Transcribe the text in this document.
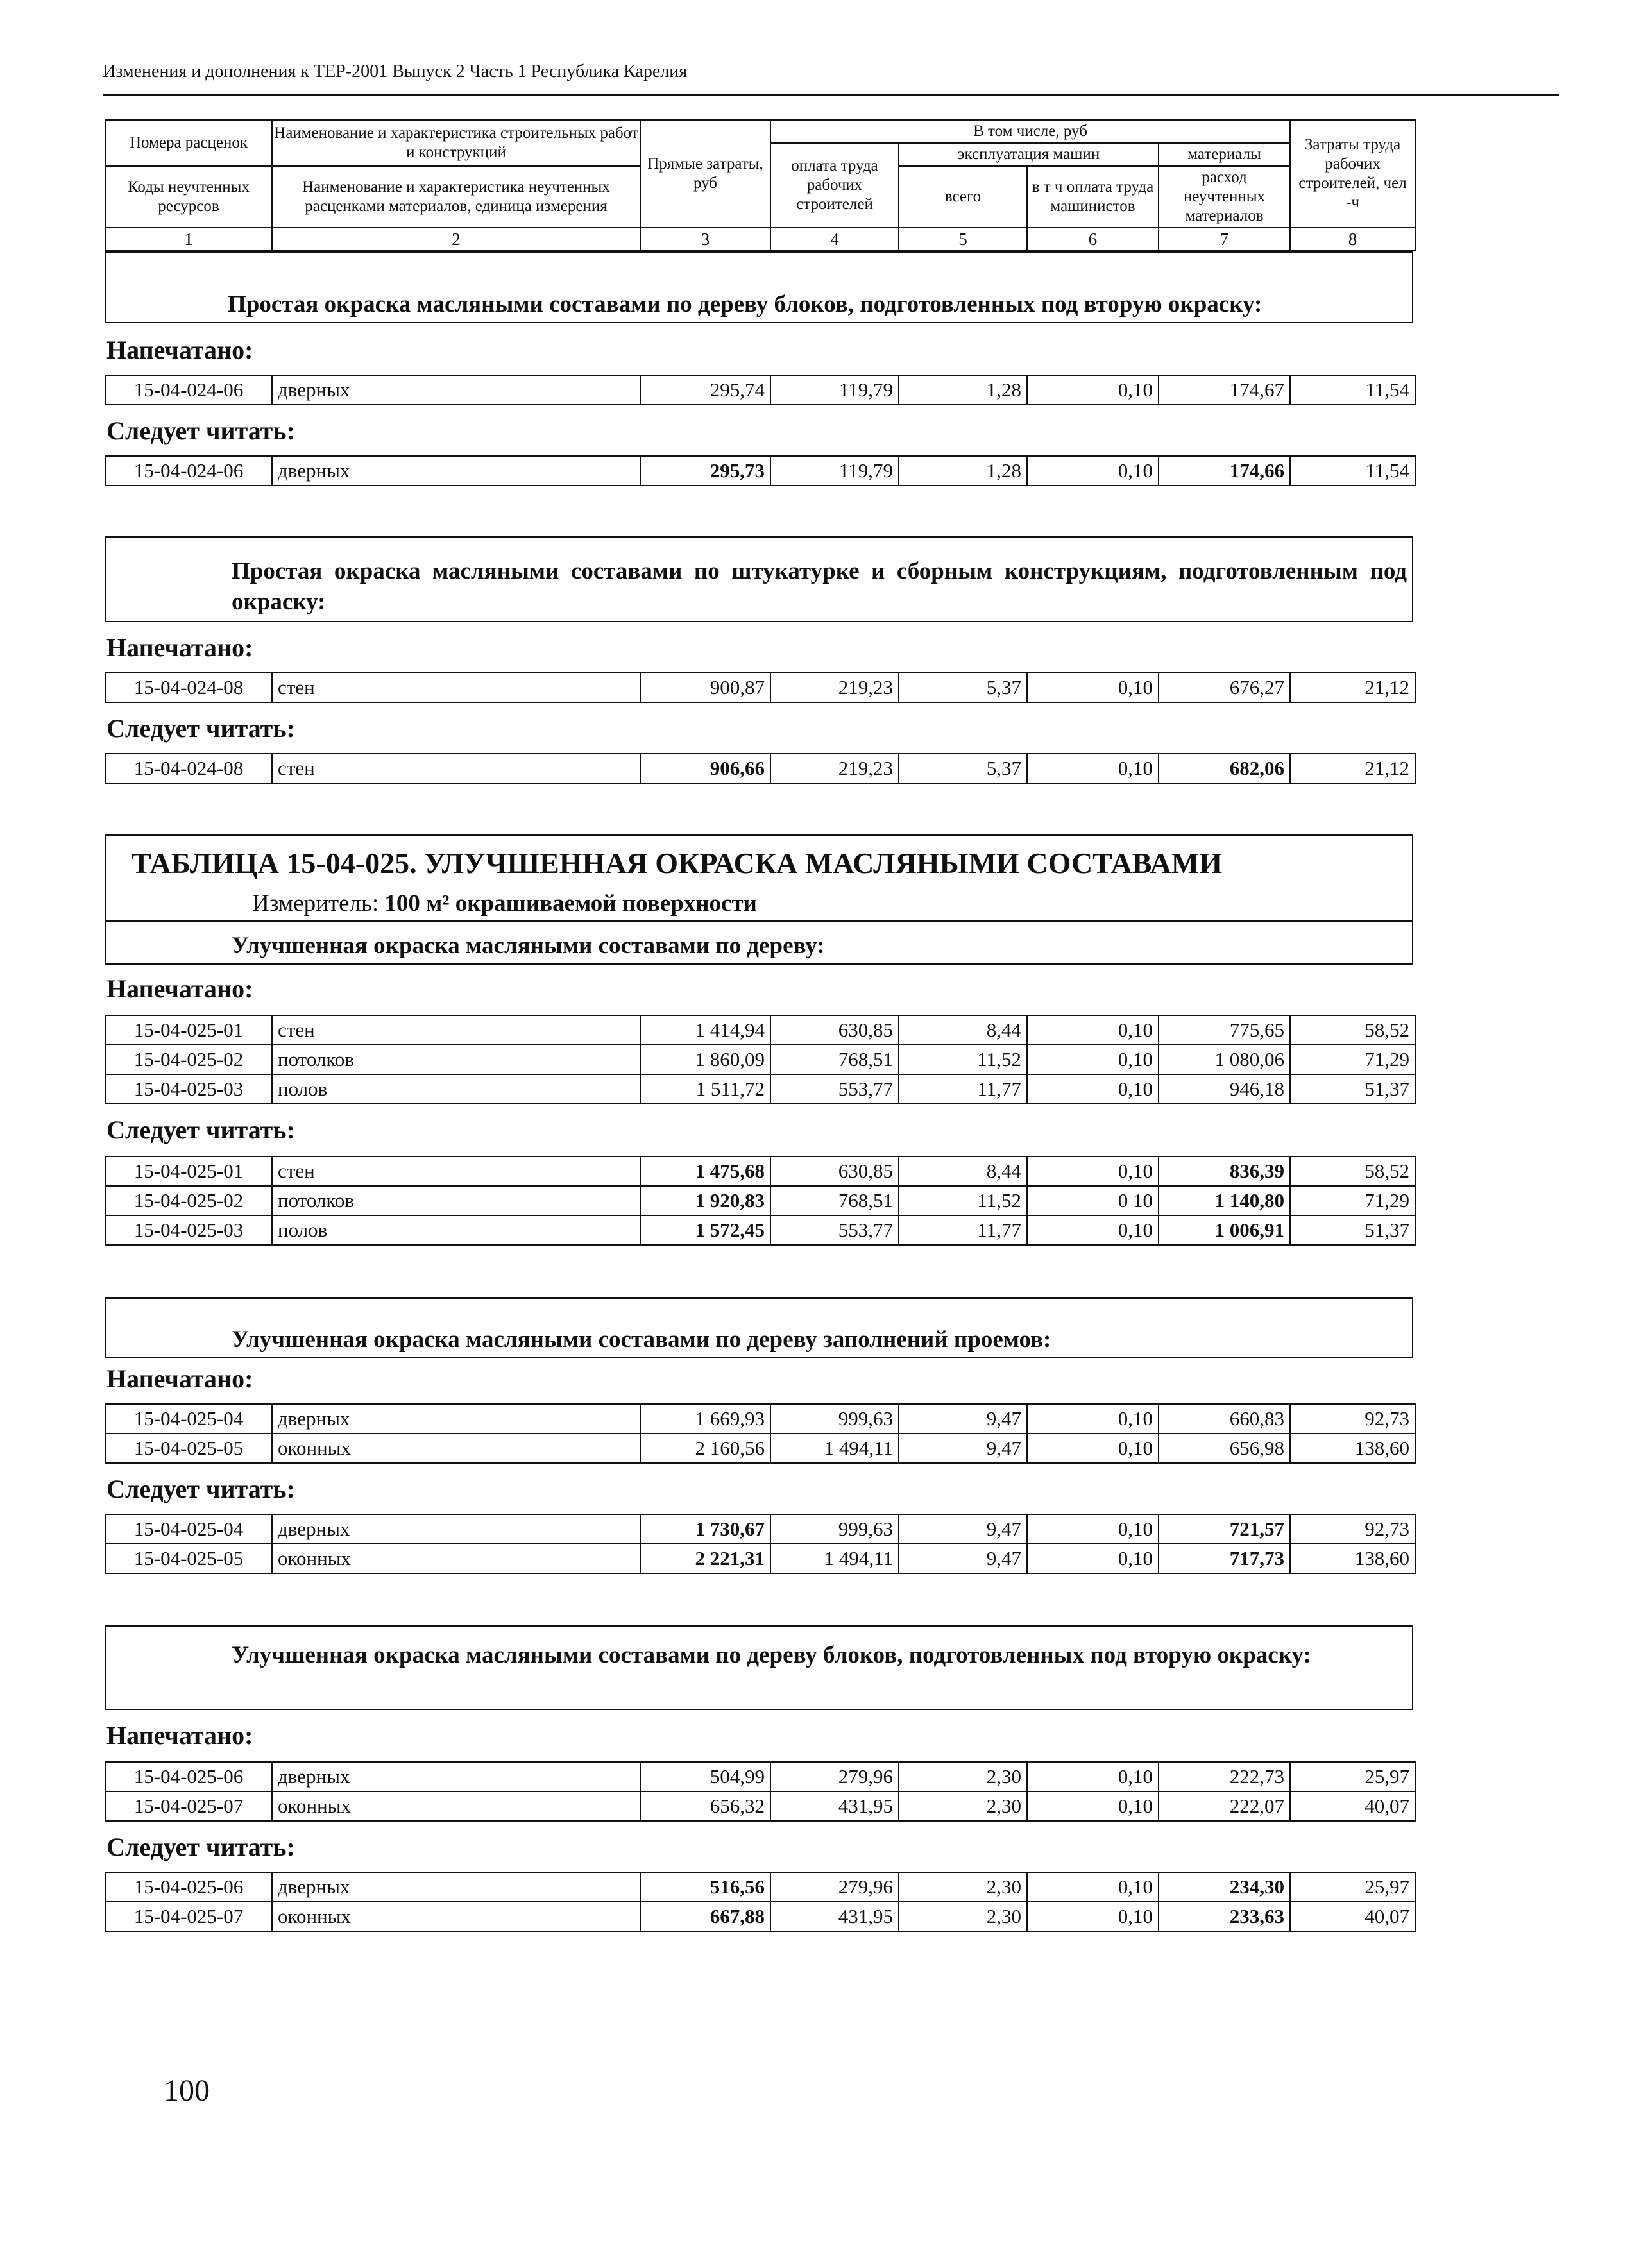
Изменения и дополнения к ТЕР-2001 Выпуск 2 Часть 1 Республика Карелия
Номера расценок	Наименование и характеристика строительных работ и конструкций	Прямые затраты, руб	В том числе, руб				Затраты труда рабочих строителей, чел -ч
			оплата труда рабочих строителей	эксплуатация машин		материалы	
Коды неучтенных ресурсов	Наименование и характеристика неучтенных расценками материалов, единица измерения			всего	в т ч оплата труда машинистов	расход неучтенных материалов	

1	2	3	4	5	6	7	8
Простая окраска масляными составами по дереву блоков, подготовленных под вторую окраску:
Напечатано:
15-04-024-06	дверных	295,74	119,79	1,28	0,10	174,67	11,54
Следует читать:
15-04-024-06	дверных	295,73	119,79	1,28	0,10	174,66	11,54
Простая окраска масляными составами по штукатурке и сборным конструкциям, подготовленным под окраску:
Напечатано:
15-04-024-08	стен	900,87	219,23	5,37	0,10	676,27	21,12
Следует читать:
15-04-024-08	стен	906,66	219,23	5,37	0,10	682,06	21,12
ТАБЛИЦА 15-04-025. УЛУЧШЕННАЯ ОКРАСКА МАСЛЯНЫМИ СОСТАВАМИ
Измеритель: 100 м² окрашиваемой поверхности
Улучшенная окраска масляными составами по дереву:
Напечатано:
15-04-025-01	стен	1 414,94	630,85	8,44	0,10	775,65	58,52
15-04-025-02	потолков	1 860,09	768,51	11,52	0,10	1 080,06	71,29
15-04-025-03	полов	1 511,72	553,77	11,77	0,10	946,18	51,37
Следует читать:
15-04-025-01	стен	1 475,68	630,85	8,44	0,10	836,39	58,52
15-04-025-02	потолков	1 920,83	768,51	11,52	0 10	1 140,80	71,29
15-04-025-03	полов	1 572,45	553,77	11,77	0,10	1 006,91	51,37
Улучшенная окраска масляными составами по дереву заполнений проемов:
Напечатано:
15-04-025-04	дверных	1 669,93	999,63	9,47	0,10	660,83	92,73
15-04-025-05	оконных	2 160,56	1 494,11	9,47	0,10	656,98	138,60
Следует читать:
15-04-025-04	дверных	1 730,67	999,63	9,47	0,10	721,57	92,73
15-04-025-05	оконных	2 221,31	1 494,11	9,47	0,10	717,73	138,60
Улучшенная окраска масляными составами по дереву блоков, подготовленных под вторую окраску:
Напечатано:
15-04-025-06	дверных	504,99	279,96	2,30	0,10	222,73	25,97
15-04-025-07	оконных	656,32	431,95	2,30	0,10	222,07	40,07
Следует читать:
15-04-025-06	дверных	516,56	279,96	2,30	0,10	234,30	25,97
15-04-025-07	оконных	667,88	431,95	2,30	0,10	233,63	40,07
100
